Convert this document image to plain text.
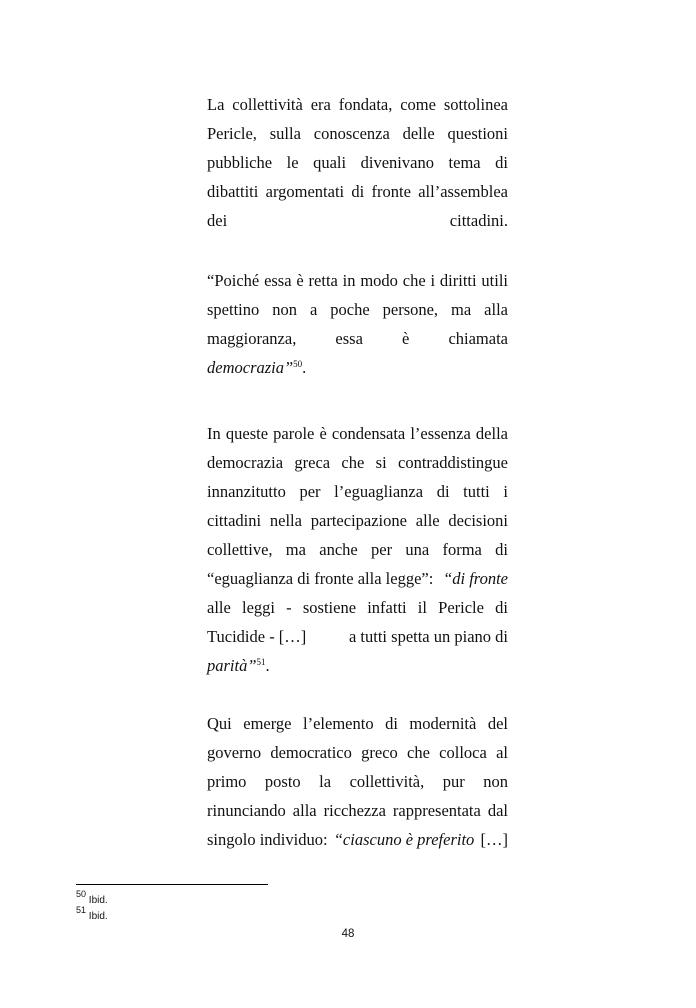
La collettività era fondata, come sottolinea
Pericle, sulla conoscenza delle questioni
pubbliche le quali divenivano tema di
dibattiti argomentati di fronte all’assemblea
dei cittadini.
“Poiché essa è retta in modo che i diritti utili
spettino non a poche persone, ma alla
maggioranza, essa è chiamata
democrazia”$^{50}$.
In queste parole è condensata l’essenza della
democrazia greca che si contraddistingue
innanzitutto per l’eguaglianza di tutti i
cittadini nella partecipazione alle decisioni
collettive, ma anche per una forma di
“eguaglianza di fronte alla legge”: “di fronte
alle leggi - sostiene infatti il Pericle di
Tucidide - […]	a tutti spetta un piano di
parità”$^{51}$.
Qui emerge l’elemento di modernità del
governo democratico greco che colloca al
primo posto la collettività, pur non
rinunciando alla ricchezza rappresentata dal
singolo individuo: “ciascuno è preferito […]
$^{50}$ Ibid.
$^{51}$ Ibid.
48
